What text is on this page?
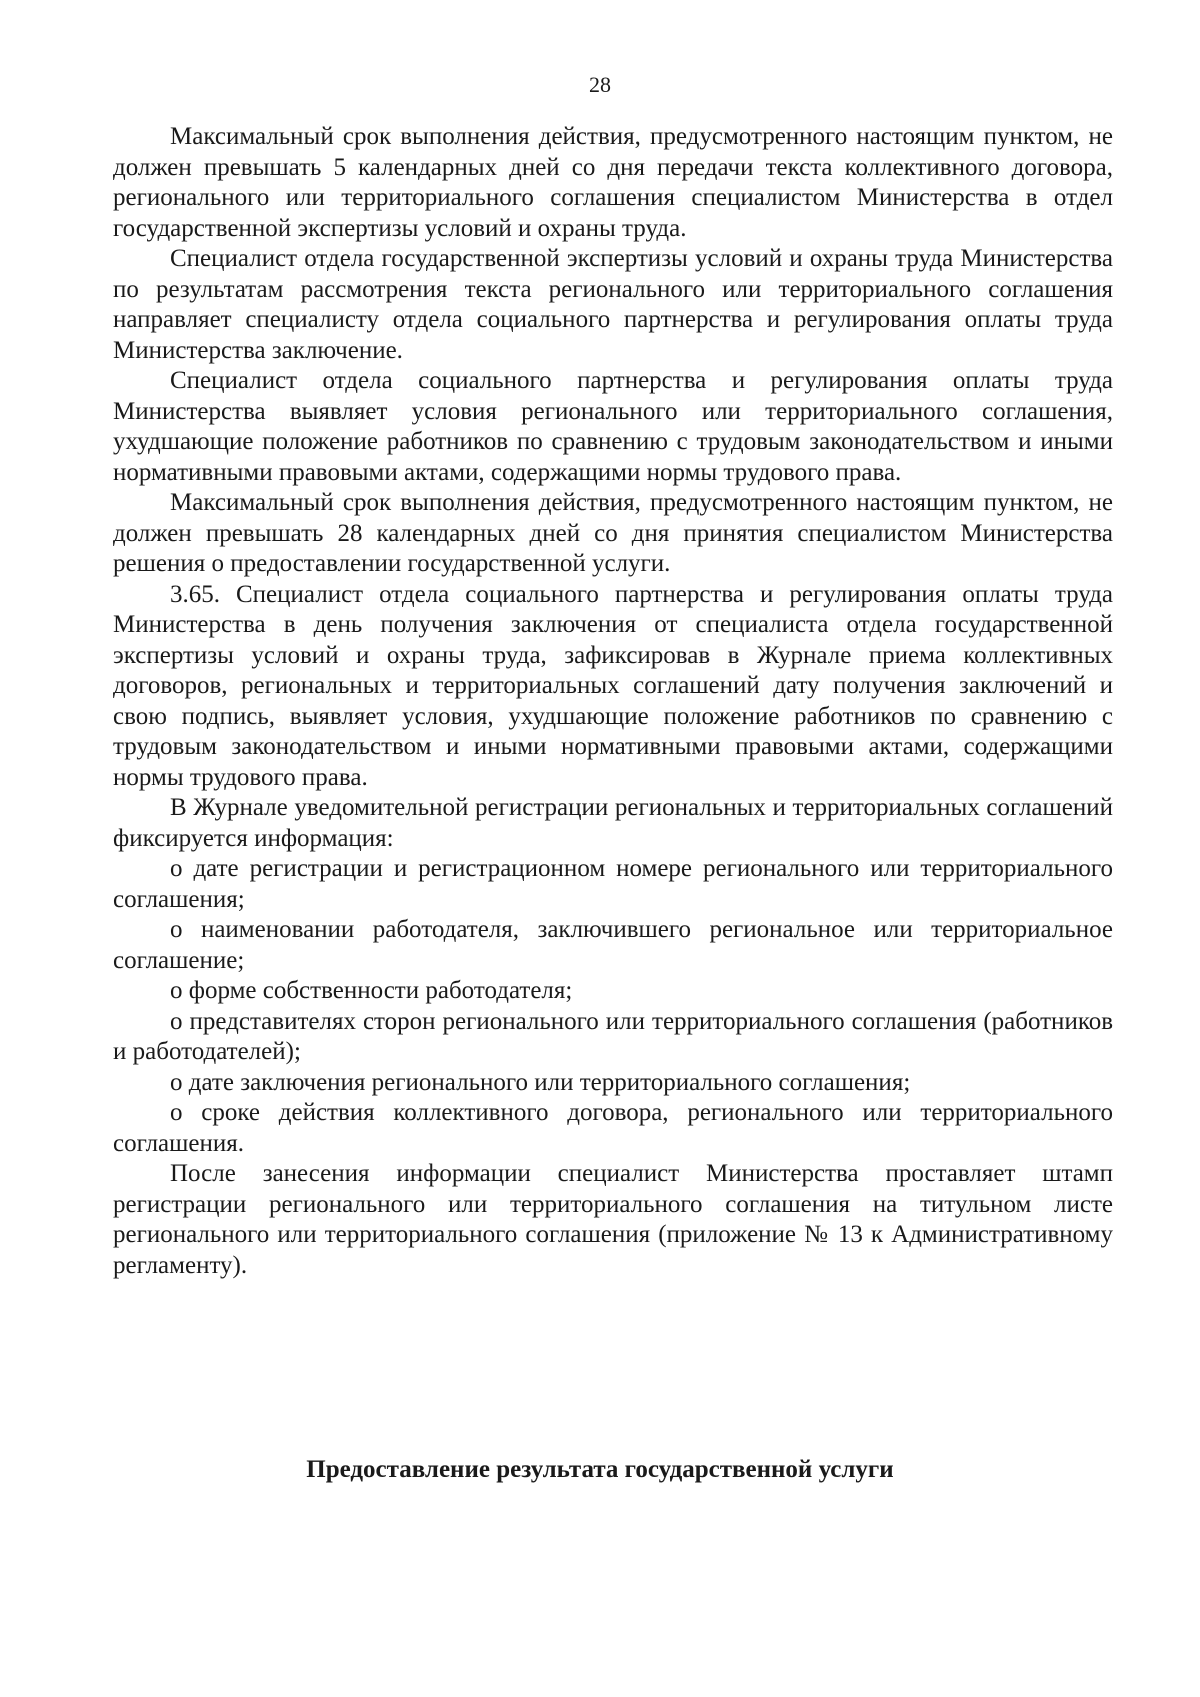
28

Максимальный срок выполнения действия, предусмотренного настоящим пунктом, не должен превышать 5 календарных дней со дня передачи текста коллективного договора, регионального или территориального соглашения специалистом Министерства в отдел государственной экспертизы условий и охраны труда.

Специалист отдела государственной экспертизы условий и охраны труда Министерства по результатам рассмотрения текста регионального или территориального соглашения направляет специалисту отдела социального партнерства и регулирования оплаты труда Министерства заключение.

Специалист отдела социального партнерства и регулирования оплаты труда Министерства выявляет условия регионального или территориального соглашения, ухудшающие положение работников по сравнению с трудовым законодательством и иными нормативными правовыми актами, содержащими нормы трудового права.

Максимальный срок выполнения действия, предусмотренного настоящим пунктом, не должен превышать 28 календарных дней со дня принятия специалистом Министерства решения о предоставлении государственной услуги.

3.65. Специалист отдела социального партнерства и регулирования оплаты труда Министерства в день получения заключения от специалиста отдела государственной экспертизы условий и охраны труда, зафиксировав в Журнале приема коллективных договоров, региональных и территориальных соглашений дату получения заключений и свою подпись, выявляет условия, ухудшающие положение работников по сравнению с трудовым законодательством и иными нормативными правовыми актами, содержащими нормы трудового права.

В Журнале уведомительной регистрации региональных и территориальных соглашений фиксируется информация:

о дате регистрации и регистрационном номере регионального или территориального соглашения;

о наименовании работодателя, заключившего региональное или территориальное соглашение;

о форме собственности работодателя;

о представителях сторон регионального или территориального соглашения (работников и работодателей);

о дате заключения регионального или территориального соглашения;

о сроке действия коллективного договора, регионального или территориального соглашения.

После занесения информации специалист Министерства проставляет штамп регистрации регионального или территориального соглашения на титульном листе регионального или территориального соглашения (приложение № 13 к Административному регламенту).

Предоставление результата государственной услуги
